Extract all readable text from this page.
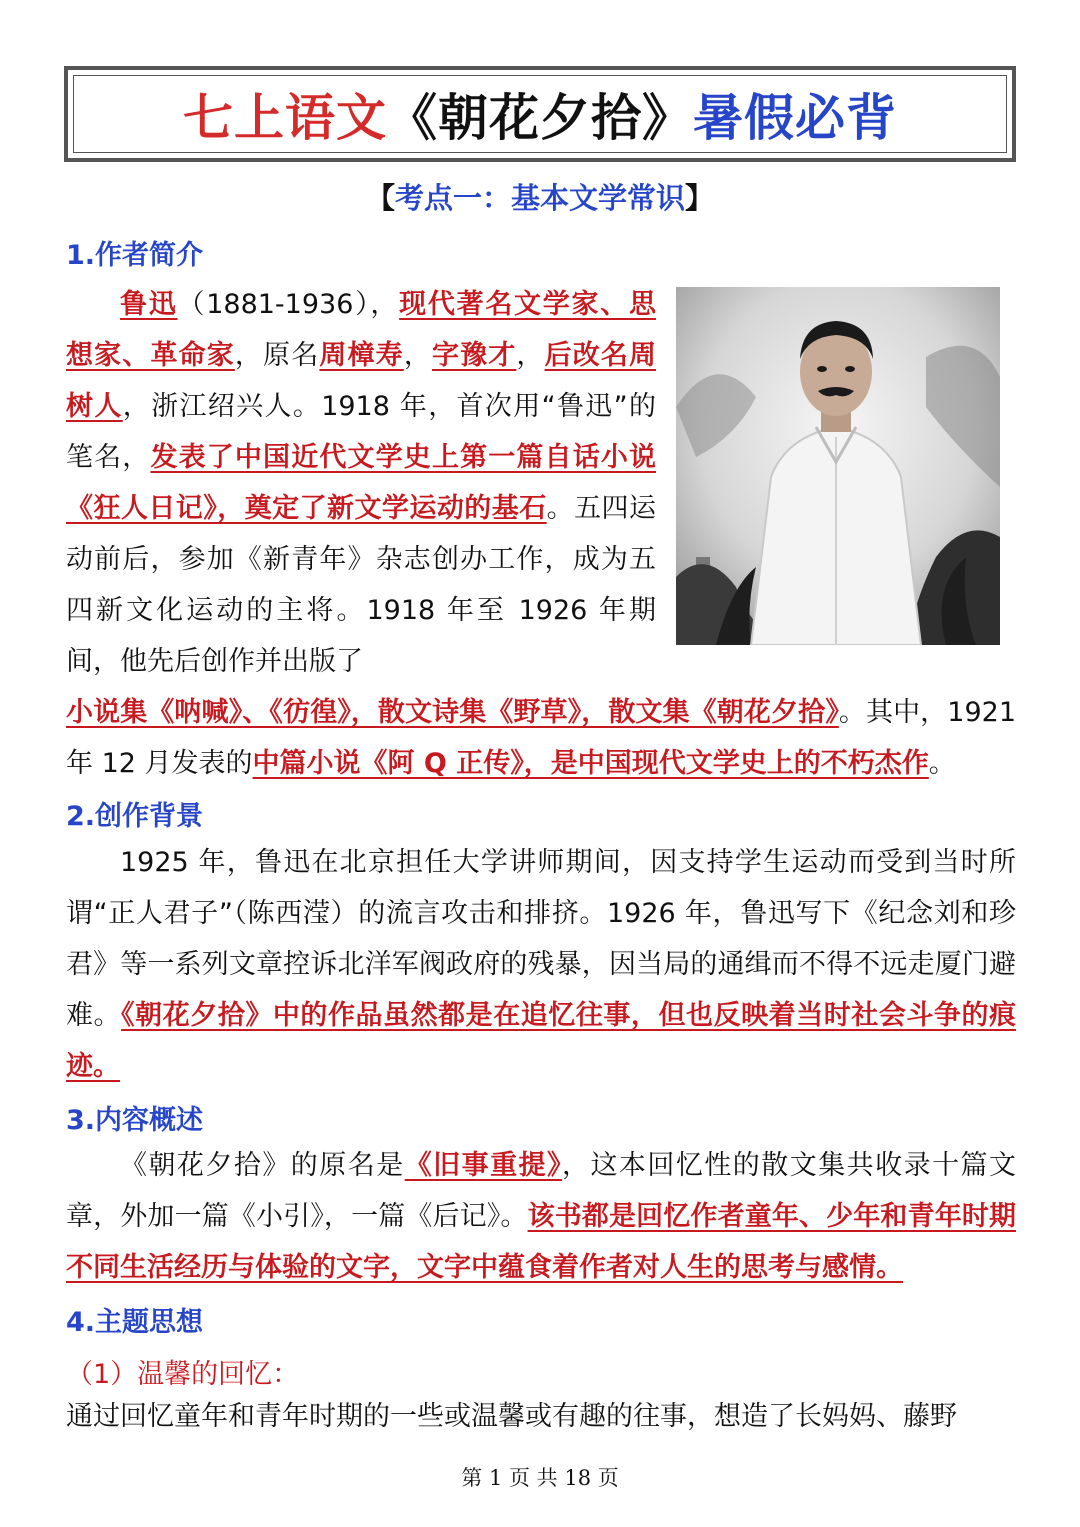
七上语文 《朝花夕拾》 暑假必背
【考点一：基本文学常识】
1.作者简介
鲁迅（1881-1936），现代著名文学家、思想家、革命家，原名周樟寿，字豫才，后改名周树人，浙江绍兴人。1918 年，首次用“鲁迅”的笔名，发表了中国近代文学史上第一篇自话小说《狂人日记》，奠定了新文学运动的基石。五四运动前后，参加《新青年》杂志创办工作，成为五四新文化运动的主将。1918 年至 1926 年期间，他先后创作并出版了
小说集《呐喊》、《彷徨》，散文诗集《野草》，散文集《朝花夕拾》。其中，1921 年 12 月发表的中篇小说《阿 Q 正传》，是中国现代文学史上的不朽杰作。
2.创作背景
1925 年，鲁迅在北京担任大学讲师期间，因支持学生运动而受到当时所谓“正人君子”（陈西滢）的流言攻击和排挤。1926 年，鲁迅写下《纪念刘和珍君》等一系列文章控诉北洋军阀政府的残暴，因当局的通缉而不得不远走厦门避难。《朝花夕拾》中的作品虽然都是在追忆往事，但也反映着当时社会斗争的痕迹。
3.内容概述
《朝花夕拾》的原名是《旧事重提》，这本回忆性的散文集共收录十篇文章，外加一篇《小引》，一篇《后记》。该书都是回忆作者童年、少年和青年时期不同生活经历与体验的文字，文字中蕴食着作者对人生的思考与感情。
4.主题思想
（1）温馨的回忆：
通过回忆童年和青年时期的一些或温馨或有趣的往事，想造了长妈妈、藤野
第 1 页 共 18 页
